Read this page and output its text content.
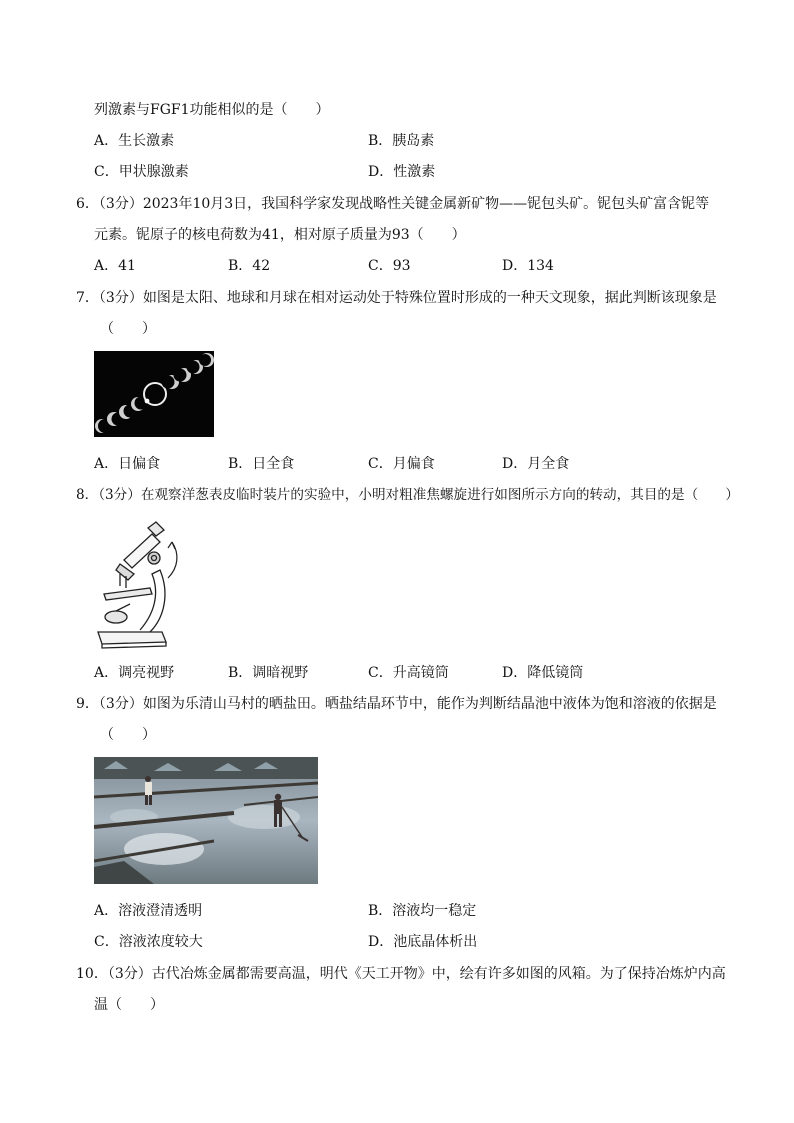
列激素与FGF1功能相似的是（　　）
A．生长激素	B．胰岛素
C．甲状腺激素	D．性激素
6．（3分）2023年10月3日，我国科学家发现战略性关键金属新矿物——铌包头矿。铌包头矿富含铌等
元素。铌原子的核电荷数为41，相对原子质量为93（　　）
A．41	B．42	C．93	D．134
7．（3分）如图是太阳、地球和月球在相对运动处于特殊位置时形成的一种天文现象，据此判断该现象是
（　　）
A．日偏食	B．日全食	C．月偏食	D．月全食
8．（3分）在观察洋葱表皮临时装片的实验中，小明对粗准焦螺旋进行如图所示方向的转动，其目的是（　　）
A．调亮视野	B．调暗视野	C．升高镜筒	D．降低镜筒
9．（3分）如图为乐清山马村的晒盐田。晒盐结晶环节中，能作为判断结晶池中液体为饱和溶液的依据是
（　　）
A．溶液澄清透明	B．溶液均一稳定
C．溶液浓度较大	D．池底晶体析出
10．（3分）古代冶炼金属都需要高温，明代《天工开物》中，绘有许多如图的风箱。为了保持冶炼炉内高
温（　　）
